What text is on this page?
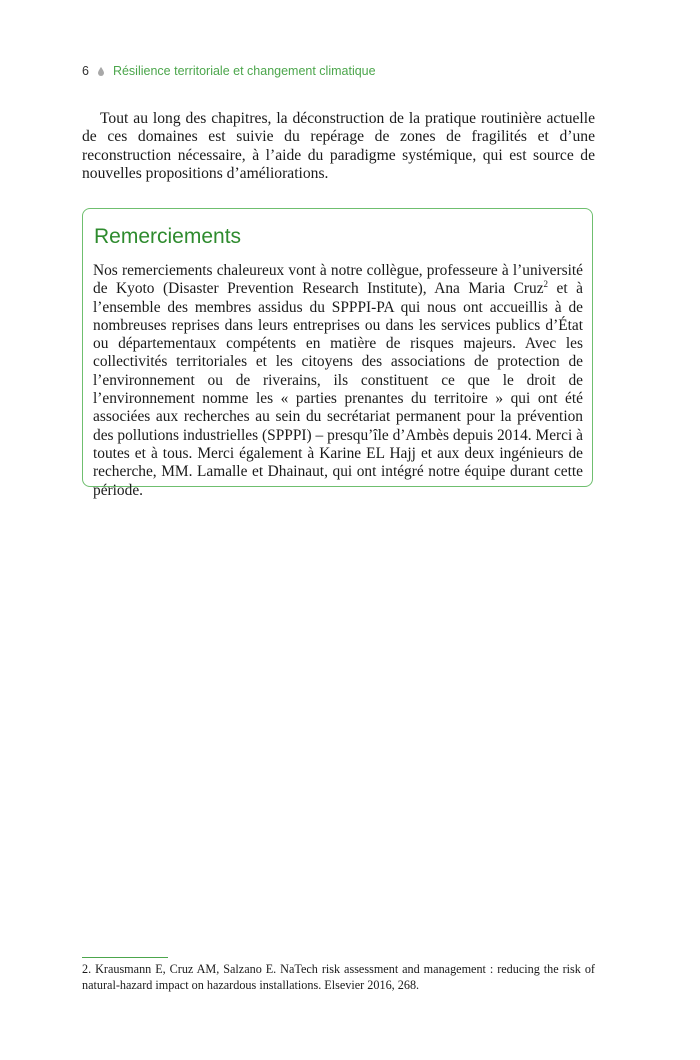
6 Résilience territoriale et changement climatique

Tout au long des chapitres, la déconstruction de la pratique routinière actuelle de ces domaines est suivie du repérage de zones de fragilités et d’une reconstruction nécessaire, à l’aide du paradigme systémique, qui est source de nouvelles propositions d’améliorations.

Remerciements

Nos remerciements chaleureux vont à notre collègue, professeure à l’université de Kyoto (Disaster Prevention Research Institute), Ana Maria Cruz$^2$ et à l’ensemble des membres assidus du SPPPI-PA qui nous ont accueillis à de nombreuses reprises dans leurs entreprises ou dans les services publics d’État ou départementaux compétents en matière de risques majeurs. Avec les collectivités territoriales et les citoyens des associations de protection de l’environnement ou de riverains, ils constituent ce que le droit de l’environnement nomme les « parties prenantes du territoire » qui ont été associées aux recherches au sein du secrétariat permanent pour la prévention des pollutions industrielles (SPPPI) – presqu’île d’Ambès depuis 2014. Merci à toutes et à tous. Merci également à Karine EL Hajj et aux deux ingénieurs de recherche, MM. Lamalle et Dhainaut, qui ont intégré notre équipe durant cette période.

2. Krausmann E, Cruz AM, Salzano E. NaTech risk assessment and management : reducing the risk of natural-hazard impact on hazardous installations. Elsevier 2016, 268.
